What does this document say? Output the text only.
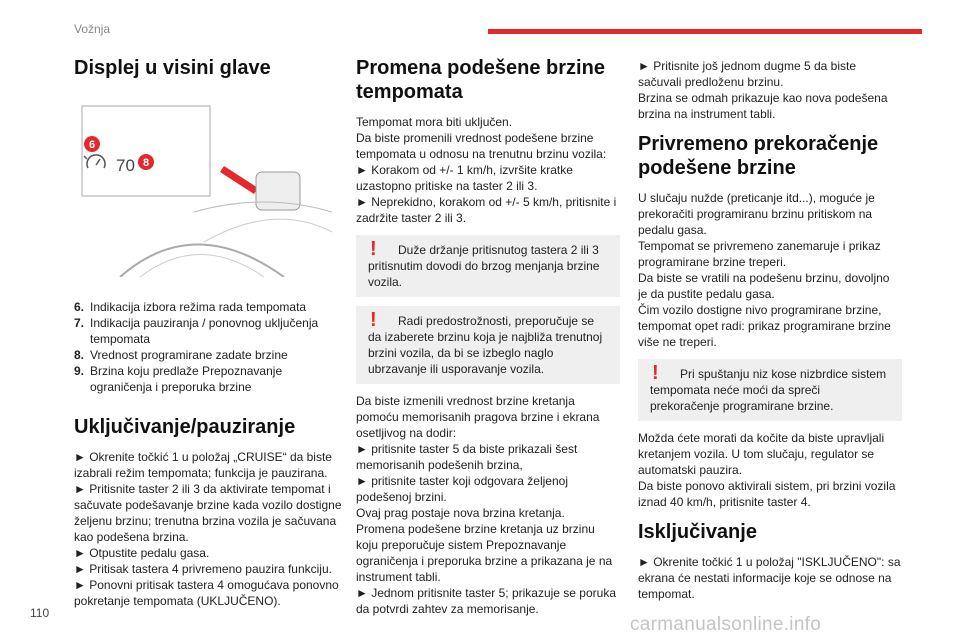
Vožnja
Displej u visini glave
6
70 8
6. Indikacija izbora režima rada tempomata
7. Indikacija pauziranja / ponovnog uključenja tempomata
8. Vrednost programirane zadate brzine
9. Brzina koju predlaže Prepoznavanje ograničenja i preporuka brzine
Uključivanje/pauziranje

► Okrenite točkić 1 u položaj „CRUISE“ da biste izabrali režim tempomata; funkcija je pauzirana.
► Pritisnite taster 2 ili 3 da aktivirate tempomat i sačuvate podešavanje brzine kada vozilo dostigne željenu brzinu; trenutna brzina vozila je sačuvana kao podešena brzina.
► Otpustite pedalu gasa.
► Pritisak tastera 4 privremeno pauzira funkciju.
► Ponovni pritisak tastera 4 omogućava ponovno pokretanje tempomata (UKLJUČENO).

Promena podešene brzine tempomata

Tempomat mora biti uključen.
Da biste promenili vrednost podešene brzine tempomata u odnosu na trenutnu brzinu vozila:
► Korakom od +/- 1 km/h, izvršite kratke uzastopno pritiske na taster 2 ili 3.
► Neprekidno, korakom od +/- 5 km/h, pritisnite i zadržite taster 2 ili 3.

!	Duže držanje pritisnutog tastera 2 ili 3 pritisnutim dovodi do brzog menjanja brzine vozila.

!	Radi predostrožnosti, preporučuje se da izaberete brzinu koja je najbliža trenutnoj brzini vozila, da bi se izbeglo naglo ubrzavanje ili usporavanje vozila.

Da biste izmenili vrednost brzine kretanja pomoću memorisanih pragova brzine i ekrana osetljivog na dodir:
► pritisnite taster 5 da biste prikazali šest memorisanih podešenih brzina,
► pritisnite taster koji odgovara željenoj podešenoj brzini.
Ovaj prag postaje nova brzina kretanja.
Promena podešene brzine kretanja uz brzinu koju preporučuje sistem Prepoznavanje ograničenja i preporuka brzine a prikazana je na instrument tabli.
► Jednom pritisnite taster 5; prikazuje se poruka da potvrdi zahtev za memorisanje.

► Pritisnite još jednom dugme 5 da biste sačuvali predloženu brzinu.
Brzina se odmah prikazuje kao nova podešena brzina na instrument tabli.

Privremeno prekoračenje podešene brzine

U slučaju nužde (preticanje itd...), moguće je prekoračiti programiranu brzinu pritiskom na pedalu gasa.
Tempomat se privremeno zanemaruje i prikaz programirane brzine treperi.
Da biste se vratili na podešenu brzinu, dovoljno je da pustite pedalu gasa.
Čim vozilo dostigne nivo programirane brzine, tempomat opet radi: prikaz programirane brzine više ne treperi.

!	Pri spuštanju niz kose nizbrdice sistem tempomata neće moći da spreči prekoračenje programirane brzine.

Možda ćete morati da kočite da biste upravljali kretanjem vozila. U tom slučaju, regulator se automatski pauzira.
Da biste ponovo aktivirali sistem, pri brzini vozila iznad 40 km/h, pritisnite taster 4.

Isključivanje

► Okrenite točkić 1 u položaj "ISKLJUČENO": sa ekrana će nestati informacije koje se odnose na tempomat.

110
carmanualsonline.info
